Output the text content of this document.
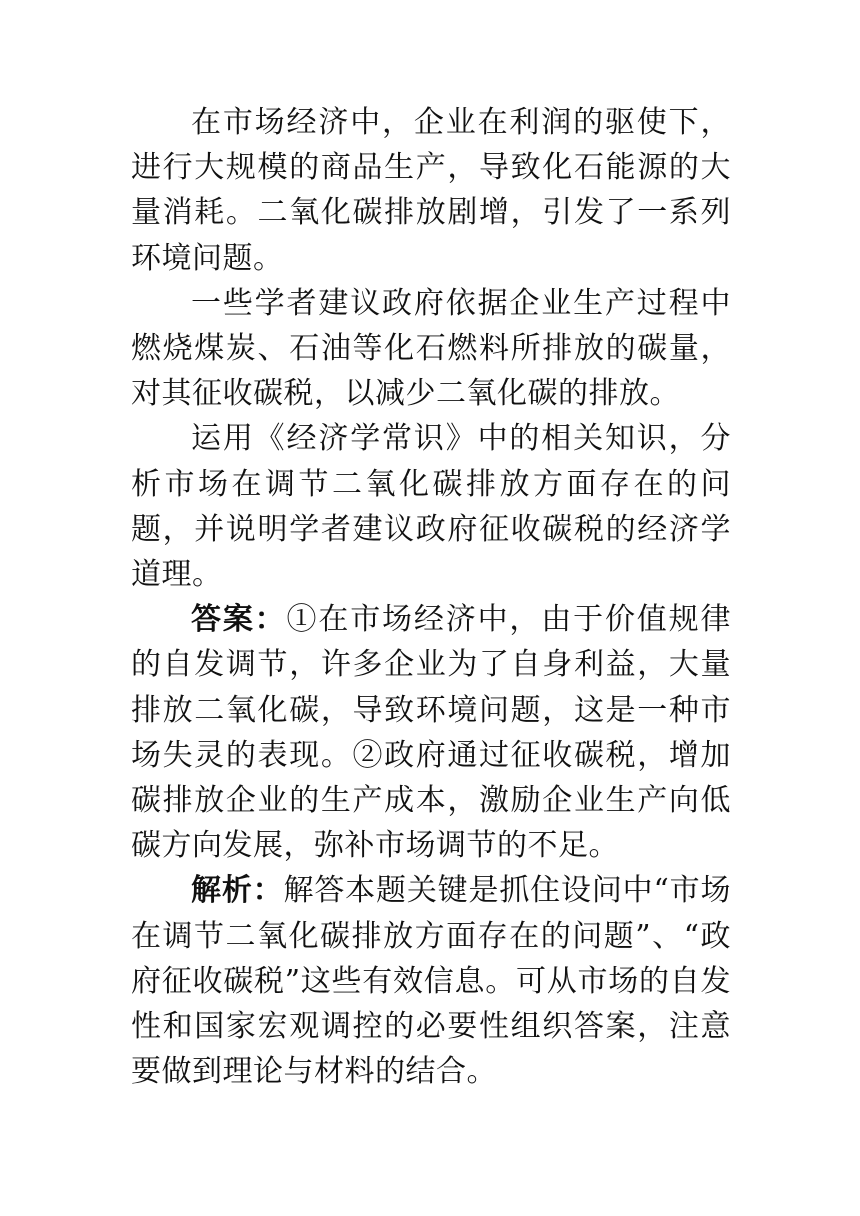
在市场经济中，企业在利润的驱使下，进行大规模的商品生产，导致化石能源的大量消耗。二氧化碳排放剧增，引发了一系列环境问题。

一些学者建议政府依据企业生产过程中燃烧煤炭、石油等化石燃料所排放的碳量，对其征收碳税，以减少二氧化碳的排放。

运用《经济学常识》中的相关知识，分析市场在调节二氧化碳排放方面存在的问题，并说明学者建议政府征收碳税的经济学道理。

答案：①在市场经济中，由于价值规律的自发调节，许多企业为了自身利益，大量排放二氧化碳，导致环境问题，这是一种市场失灵的表现。②政府通过征收碳税，增加碳排放企业的生产成本，激励企业生产向低碳方向发展，弥补市场调节的不足。

解析：解答本题关键是抓住设问中“市场在调节二氧化碳排放方面存在的问题”、“政府征收碳税”这些有效信息。可从市场的自发性和国家宏观调控的必要性组织答案，注意要做到理论与材料的结合。
